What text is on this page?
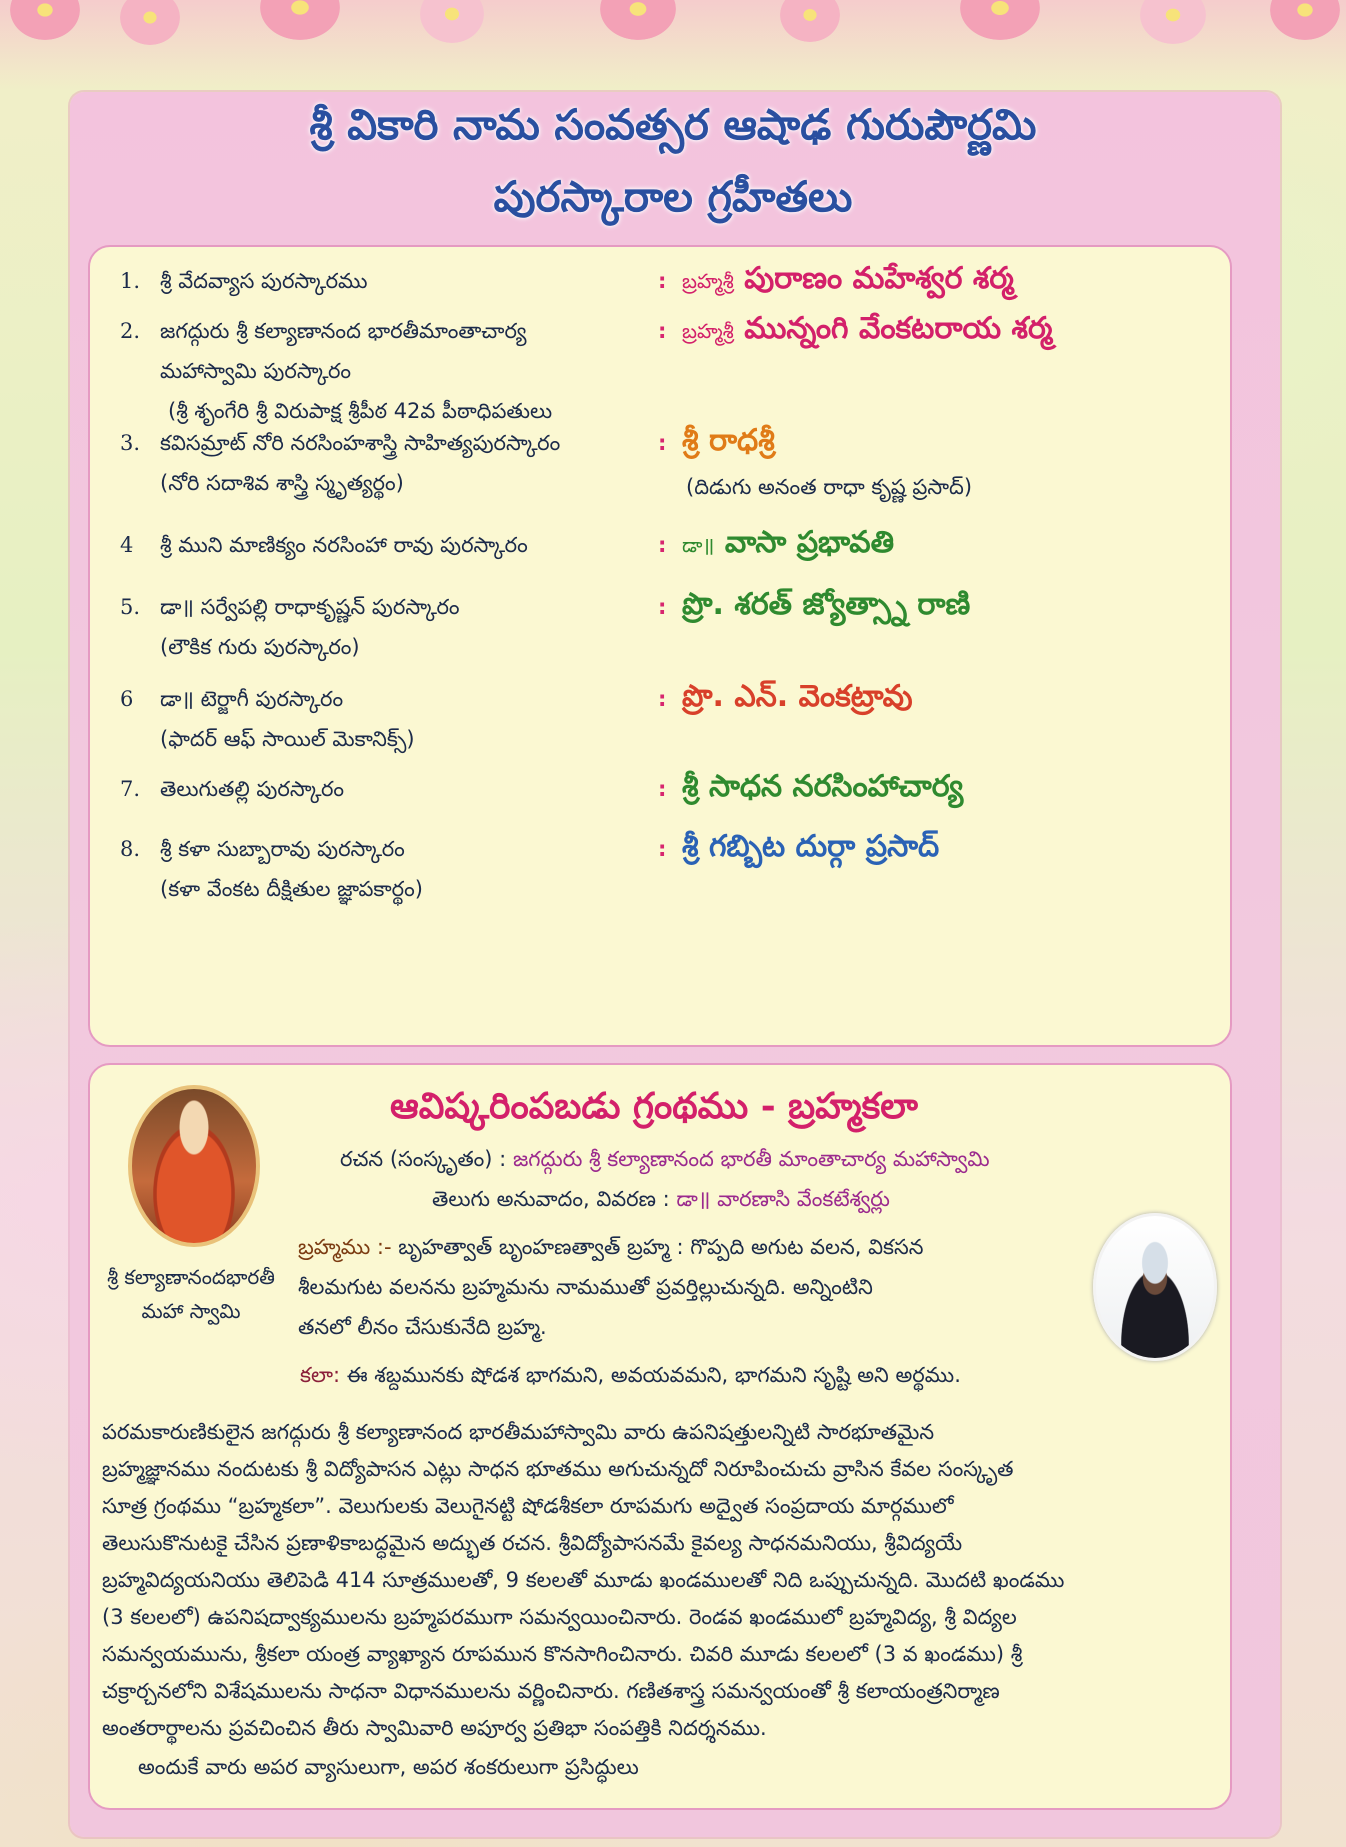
శ్రీ వికారి నామ సంవత్సర ఆషాఢ గురుపౌర్ణమి
పురస్కారాల గ్రహీతలు
1. శ్రీ వేదవ్యాస పురస్కారము	: బ్రహ్మశ్రీ పురాణం మహేశ్వర శర్మ
2. జగద్గురు శ్రీ కల్యాణానంద భారతీమాంతాచార్య
మహాస్వామి పురస్కారం
(శ్రీ శృంగేరి శ్రీ విరుపాక్ష శ్రీపీఠ 42వ పీఠాధిపతులు
: బ్రహ్మశ్రీ మున్నంగి వేంకటరాయ శర్మ
3. కవిసమ్రాట్ నోరి నరసింహశాస్త్రి సాహిత్యపురస్కారం
(నోరి సదాశివ శాస్త్రి స్మృత్యర్థం)
: శ్రీ రాధశ్రీ
(దిడుగు అనంత రాధా కృష్ణ ప్రసాద్)
4 శ్రీ ముని మాణిక్యం నరసింహా రావు పురస్కారం	: డా॥ వాసా ప్రభావతి
5. డా॥ సర్వేపల్లి రాధాకృష్ణన్ పురస్కారం
(లౌకిక గురు పురస్కారం)
: ప్రొ. శరత్ జ్యోత్స్నా రాణి
6 డా॥ టెర్జాగీ పురస్కారం
(ఫాదర్ ఆఫ్ సాయిల్ మెకానిక్స్)
: ప్రొ. ఎన్. వెంకట్రావు
7. తెలుగుతల్లి పురస్కారం	: శ్రీ సాధన నరసింహాచార్య
8. శ్రీ కళా సుబ్బారావు పురస్కారం
(కళా వేంకట దీక్షితుల జ్ఞాపకార్థం)
: శ్రీ గబ్బిట దుర్గా ప్రసాద్
ఆవిష్కరింపబడు గ్రంథము - బ్రహ్మకలా
శ్రీ కల్యాణానందభారతీ
మహా స్వామి
రచన (సంస్కృతం) : జగద్గురు శ్రీ కల్యాణానంద భారతీ మాంతాచార్య మహాస్వామి
తెలుగు అనువాదం, వివరణ : డా॥ వారణాసి వేంకటేశ్వర్లు
బ్రహ్మము :- బృహత్వాత్ బృంహణత్వాత్ బ్రహ్మ : గొప్పది అగుట వలన, వికసన
శీలమగుట వలనను బ్రహ్మమను నామముతో ప్రవర్తిల్లుచున్నది. అన్నింటిని
తనలో లీనం చేసుకునేది బ్రహ్మ.
కలా: ఈ శబ్దమునకు షోడశ భాగమని, అవయవమని, భాగమని సృష్టి అని అర్థము.
పరమకారుణికులైన జగద్గురు శ్రీ కల్యాణానంద భారతీమహాస్వామి వారు ఉపనిషత్తులన్నిటి సారభూతమైన
బ్రహ్మజ్ఞానము నందుటకు శ్రీ విద్యోపాసన ఎట్లు సాధన భూతము అగుచున్నదో నిరూపించుచు వ్రాసిన కేవల సంస్కృత
సూత్ర గ్రంథము “బ్రహ్మకలా”. వెలుగులకు వెలుగైనట్టి షోడశీకలా రూపమగు అద్వైత సంప్రదాయ మార్గములో
తెలుసుకొనుటకై చేసిన ప్రణాళికాబద్ధమైన అద్భుత రచన. శ్రీవిద్యోపాసనమే కైవల్య సాధనమనియు, శ్రీవిద్యయే
బ్రహ్మవిద్యయనియు తెలిపెడి 414 సూత్రములతో, 9 కలలతో మూడు ఖండములతో నిది ఒప్పుచున్నది. మొదటి ఖండము
(3 కలలలో) ఉపనిషద్వాక్యములను బ్రహ్మపరముగా సమన్వయించినారు. రెండవ ఖండములో బ్రహ్మవిద్య, శ్రీ విద్యల
సమన్వయమును, శ్రీకలా యంత్ర వ్యాఖ్యాన రూపమున కొనసాగించినారు. చివరి మూడు కలలలో (3 వ ఖండము) శ్రీ
చక్రార్చనలోని విశేషములను సాధనా విధానములను వర్ణించినారు. గణితశాస్త్ర సమన్వయంతో శ్రీ కలాయంత్రనిర్మాణ
అంతరార్థాలను ప్రవచించిన తీరు స్వామివారి అపూర్వ ప్రతిభా సంపత్తికి నిదర్శనము.
అందుకే వారు అపర వ్యాసులుగా, అపర శంకరులుగా ప్రసిద్ధులు
